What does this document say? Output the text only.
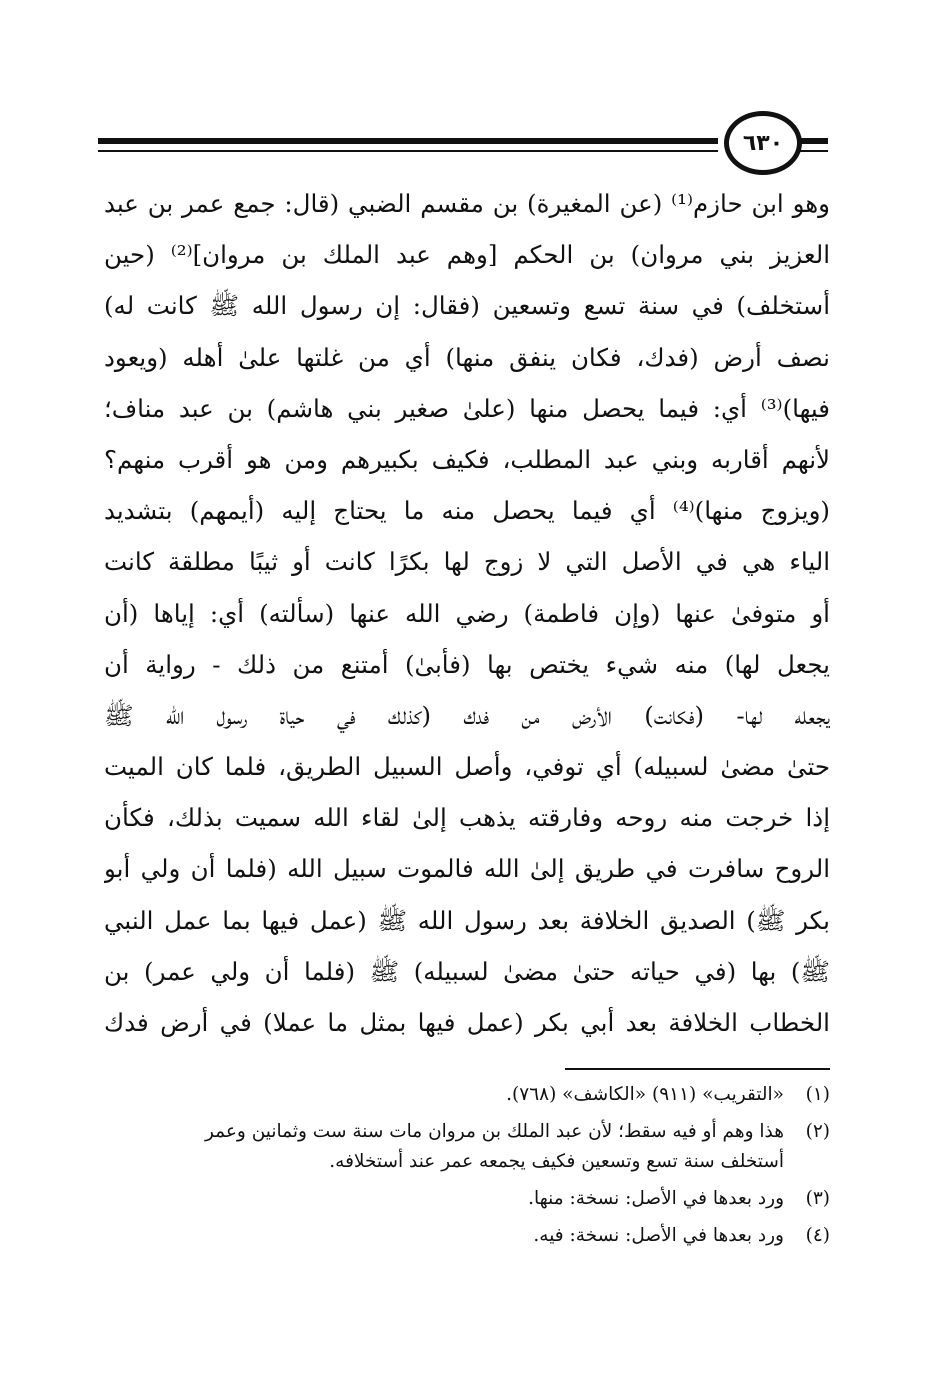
٦٣٠
وهو ابن حازم⁽¹⁾ (عن المغيرة) بن مقسم الضبي (قال: جمع عمر بن عبد
العزيز بني مروان) بن الحكم [وهم عبد الملك بن مروان]⁽²⁾ (حين
أستخلف) في سنة تسع وتسعين (فقال: إن رسول الله ﷺ كانت له)
نصف أرض (فدك، فكان ينفق منها) أي من غلتها علىٰ أهله (ويعود
فيها)⁽³⁾ أي: فيما يحصل منها (علىٰ صغير بني هاشم) بن عبد مناف؛
لأنهم أقاربه وبني عبد المطلب، فكيف بكبيرهم ومن هو أقرب منهم؟
(ويزوج منها)⁽⁴⁾ أي فيما يحصل منه ما يحتاج إليه (أيمهم) بتشديد
الياء هي في الأصل التي لا زوج لها بكرًا كانت أو ثيبًا مطلقة كانت
أو متوفىٰ عنها (وإن فاطمة) رضي الله عنها (سألته) أي: إياها (أن
يجعل لها) منه شيء يختص بها (فأبىٰ) أمتنع من ذلك - رواية أن
يجعله لها- (فكانت) الأرض من فدك (كذلك في حياة رسول الله ﷺ
حتىٰ مضىٰ لسبيله) أي توفي، وأصل السبيل الطريق، فلما كان الميت
إذا خرجت منه روحه وفارقته يذهب إلىٰ لقاء الله سميت بذلك، فكأن
الروح سافرت في طريق إلىٰ الله فالموت سبيل الله (فلما أن ولي أبو
بكر ﷺ) الصديق الخلافة بعد رسول الله ﷺ (عمل فيها بما عمل النبي
ﷺ) بها (في حياته حتىٰ مضىٰ لسبيله) ﷺ (فلما أن ولي عمر) بن
الخطاب الخلافة بعد أبي بكر (عمل فيها بمثل ما عملا) في أرض فدك
(١)
«التقريب» (٩١١) «الكاشف» (٧٦٨).
(٢)
هذا وهم أو فيه سقط؛ لأن عبد الملك بن مروان مات سنة ست وثمانين وعمر
أستخلف سنة تسع وتسعين فكيف يجمعه عمر عند أستخلافه.
(٣)
ورد بعدها في الأصل: نسخة: منها.
(٤)
ورد بعدها في الأصل: نسخة: فيه.
